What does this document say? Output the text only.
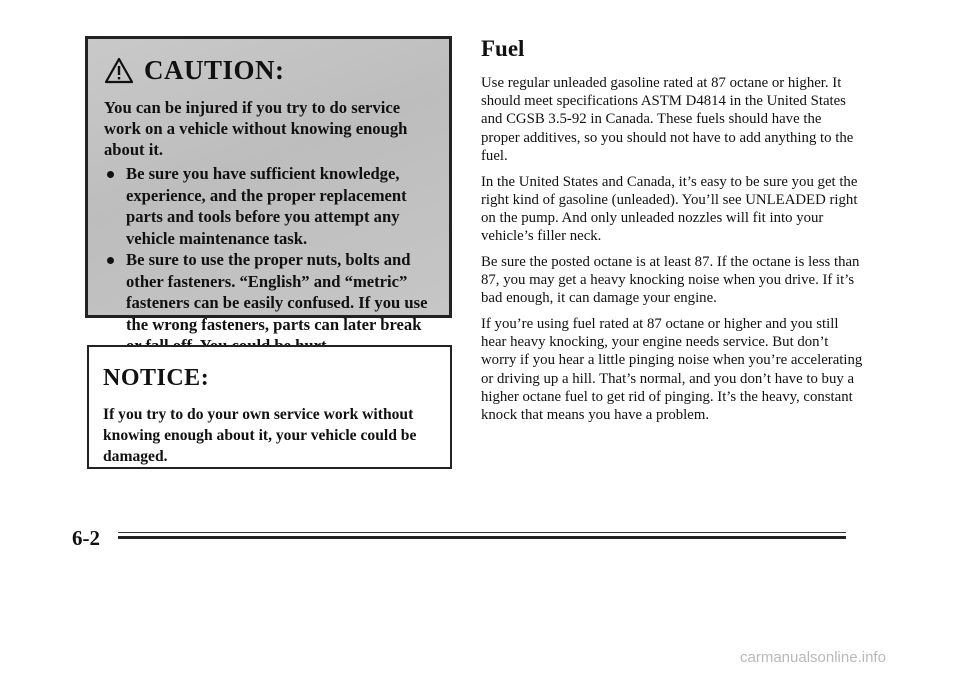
CAUTION:

You can be injured if you try to do service work on a vehicle without knowing enough about it.

Be sure you have sufficient knowledge, experience, and the proper replacement parts and tools before you attempt any vehicle maintenance task.
Be sure to use the proper nuts, bolts and other fasteners. “English” and “metric” fasteners can be easily confused. If you use the wrong fasteners, parts can later break
NOTICE:

If you try to do your own service work without knowing enough about it, your vehicle could be damaged.

Fuel

Use regular unleaded gasoline rated at 87 octane or higher. It should meet specifications ASTM D4814 in the United States and CGSB 3.5-92 in Canada. These fuels should have the proper additives, so you should not have to add anything to the fuel.

In the United States and Canada, it’s easy to be sure you get the right kind of gasoline (unleaded). You’ll see UNLEADED right on the pump. And only unleaded nozzles will fit into your vehicle’s filler neck.

Be sure the posted octane is at least 87. If the octane is less than 87, you may get a heavy knocking noise when you drive. If it’s bad enough, it can damage your engine.

If you’re using fuel rated at 87 octane or higher and you still hear heavy knocking, your engine needs service. But don’t worry if you hear a little pinging noise when you’re accelerating or driving up a hill. That’s normal, and you don’t have to buy a higher octane fuel to get rid of pinging. It’s the heavy, constant knock that means you have a problem.

6-2
carmanualsonline.info
